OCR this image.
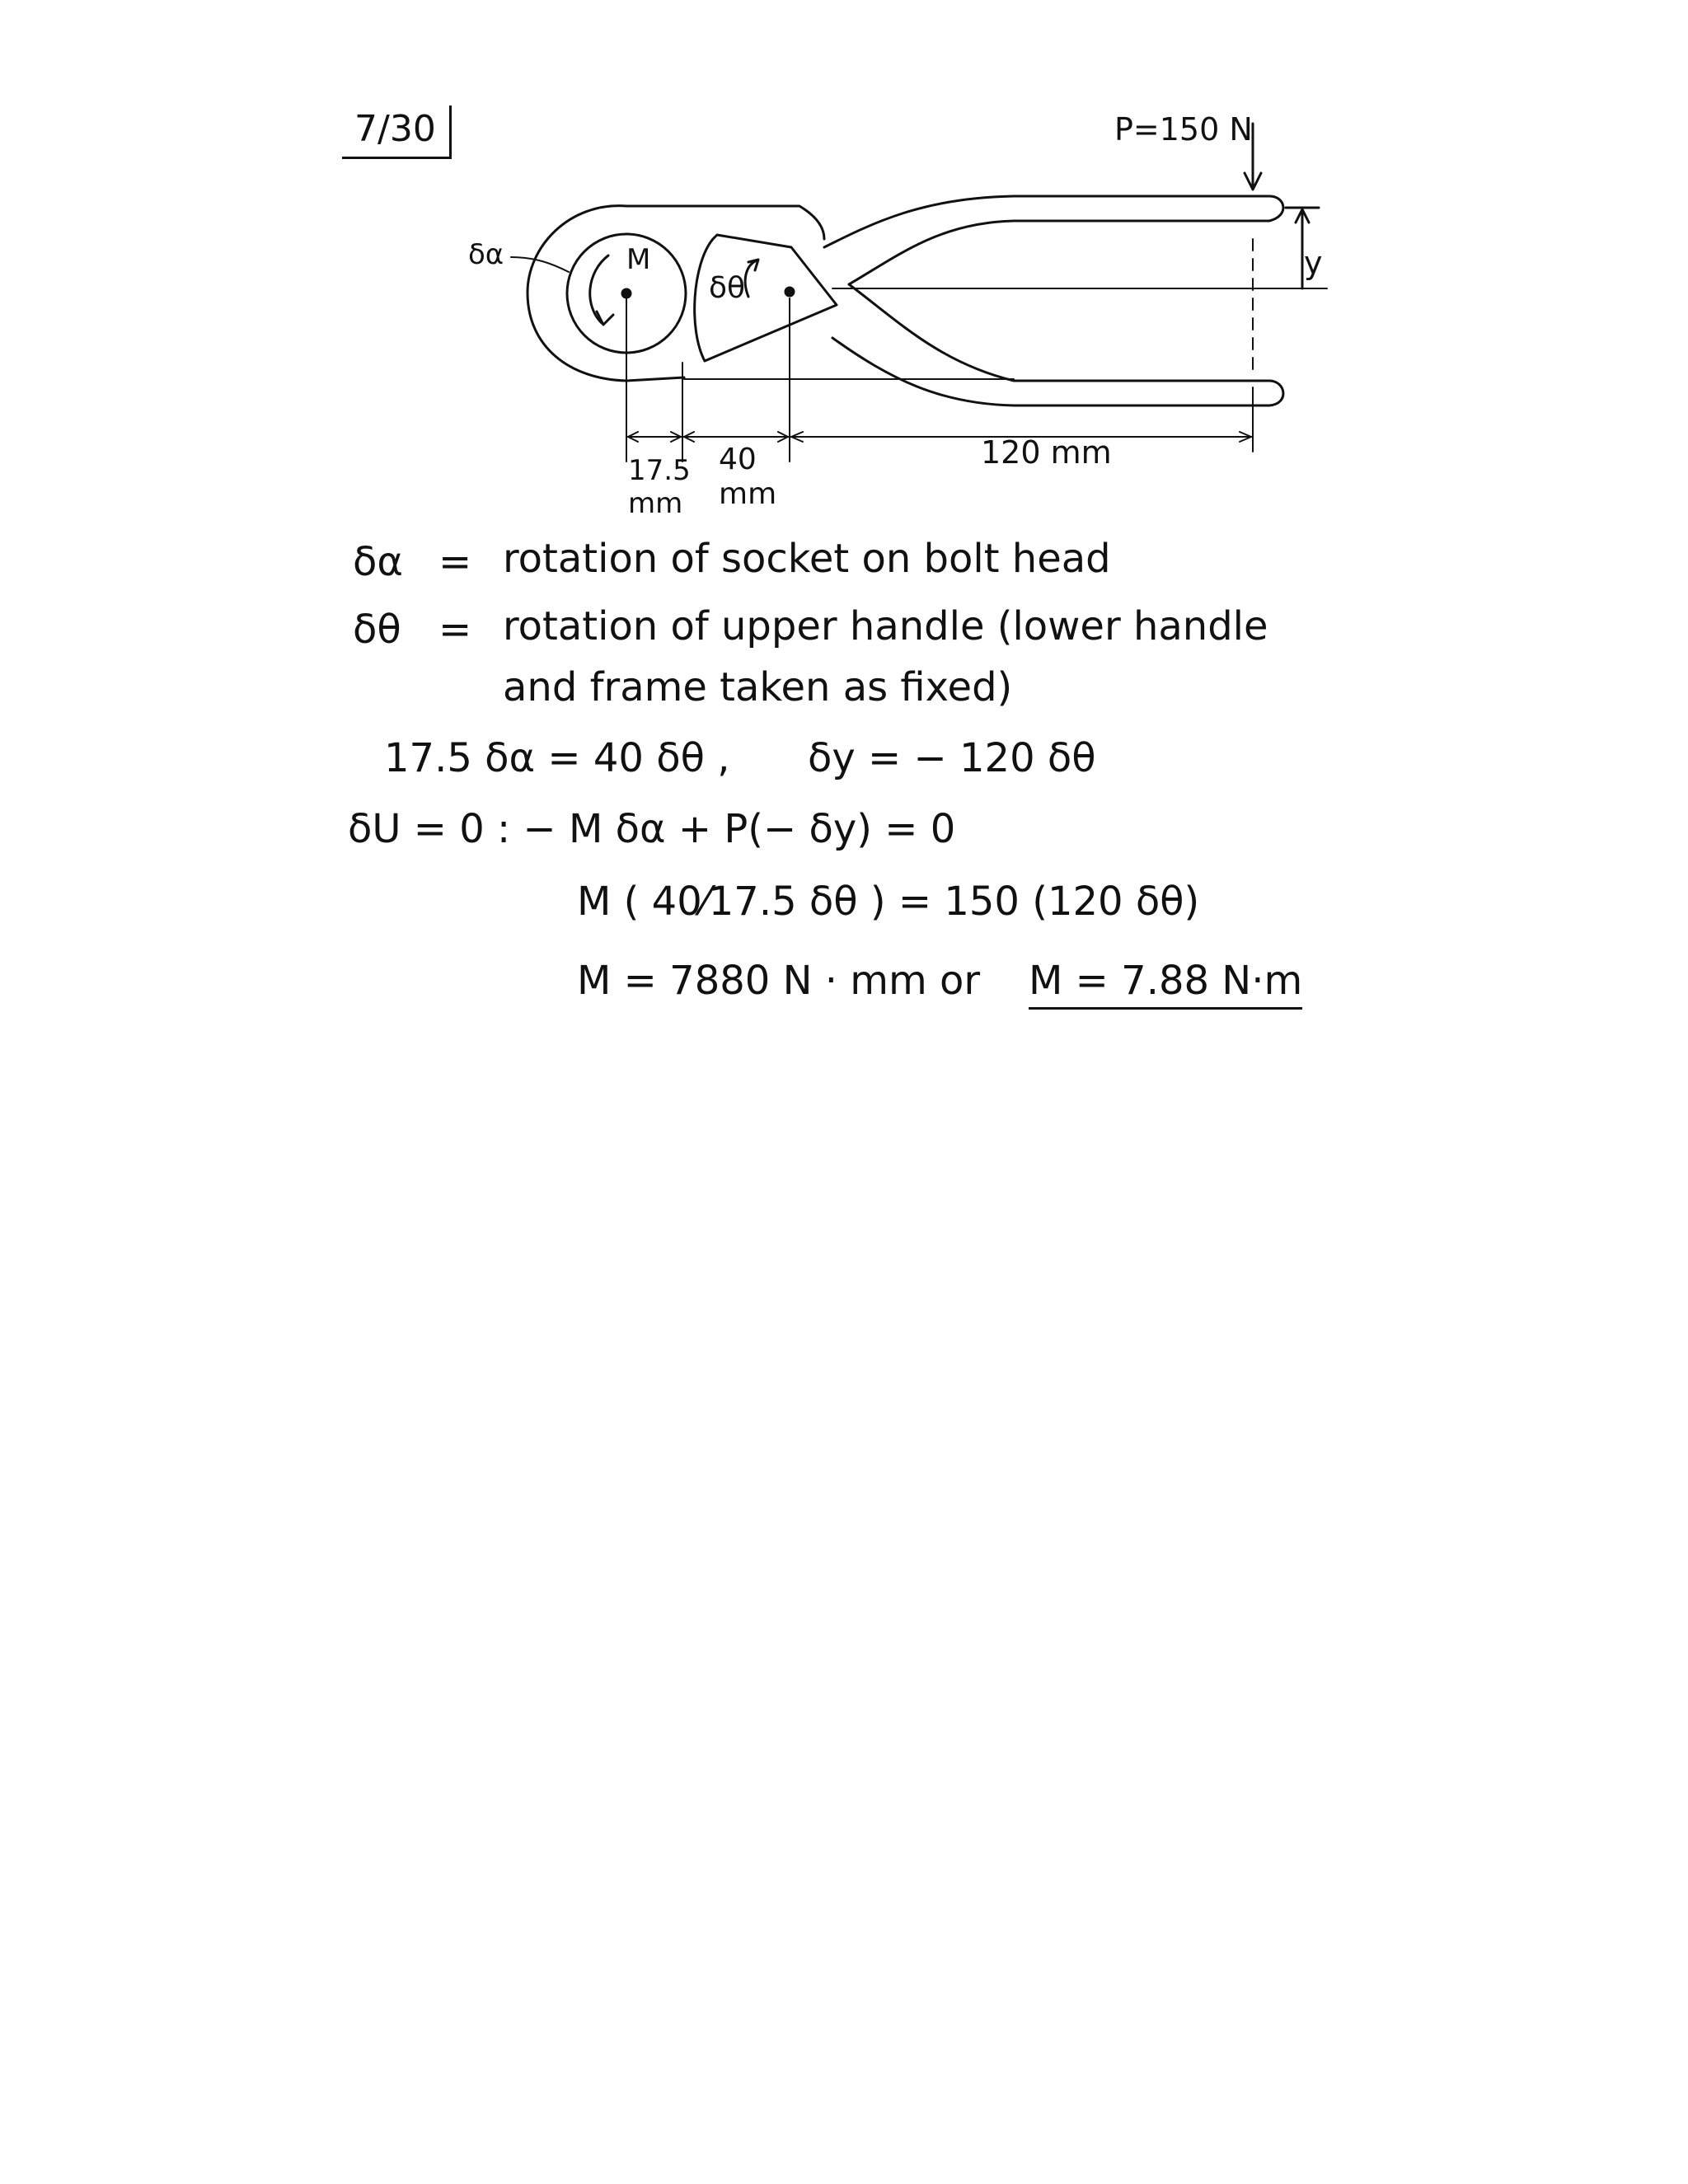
7/30	P=150 N
y
δα	M
δθ
17.5
mm
40
mm
120 mm
δα = rotation of socket on bolt head
δθ = rotation of upper handle (lower handle
and frame taken as fixed)
17.5 δα = 40 δθ , δy = − 120 δθ
δU = 0 : − M δα + P(− δy) = 0
M ( 40⁄17.5 δθ ) = 150 (120 δθ)
M = 7880 N · mm or M = 7.88 N·m
